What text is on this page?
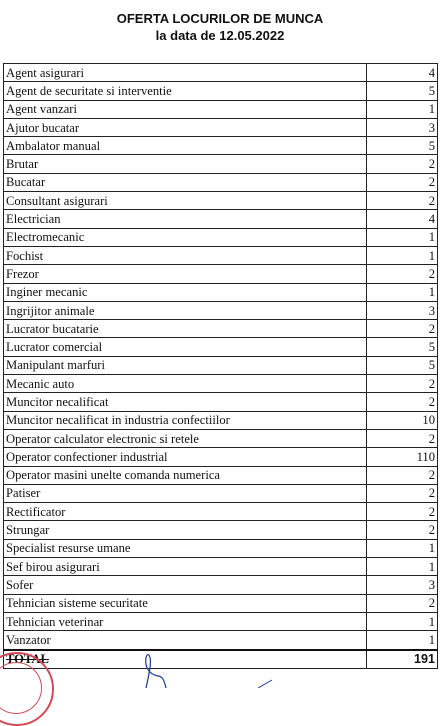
OFERTA LOCURILOR DE MUNCA
la data de 12.05.2022
Agent asigurari	4
Agent de securitate si interventie	5
Agent vanzari	1
Ajutor bucatar	3
Ambalator manual	5
Brutar	2
Bucatar	2
Consultant asigurari	2
Electrician	4
Electromecanic	1
Fochist	1
Frezor	2
Inginer mecanic	1
Ingrijitor animale	3
Lucrator bucatarie	2
Lucrator comercial	5
Manipulant marfuri	5
Mecanic auto	2
Muncitor necalificat	2
Muncitor necalificat in industria confectiilor	10
Operator calculator electronic si retele	2
Operator confectioner industrial	110
Operator masini unelte comanda numerica	2
Patiser	2
Rectificator	2
Strungar	2
Specialist resurse umane	1
Sef birou asigurari	1
Sofer	3
Tehnician sisteme securitate	2
Tehnician veterinar	1
Vanzator	1
TOTAL	191
